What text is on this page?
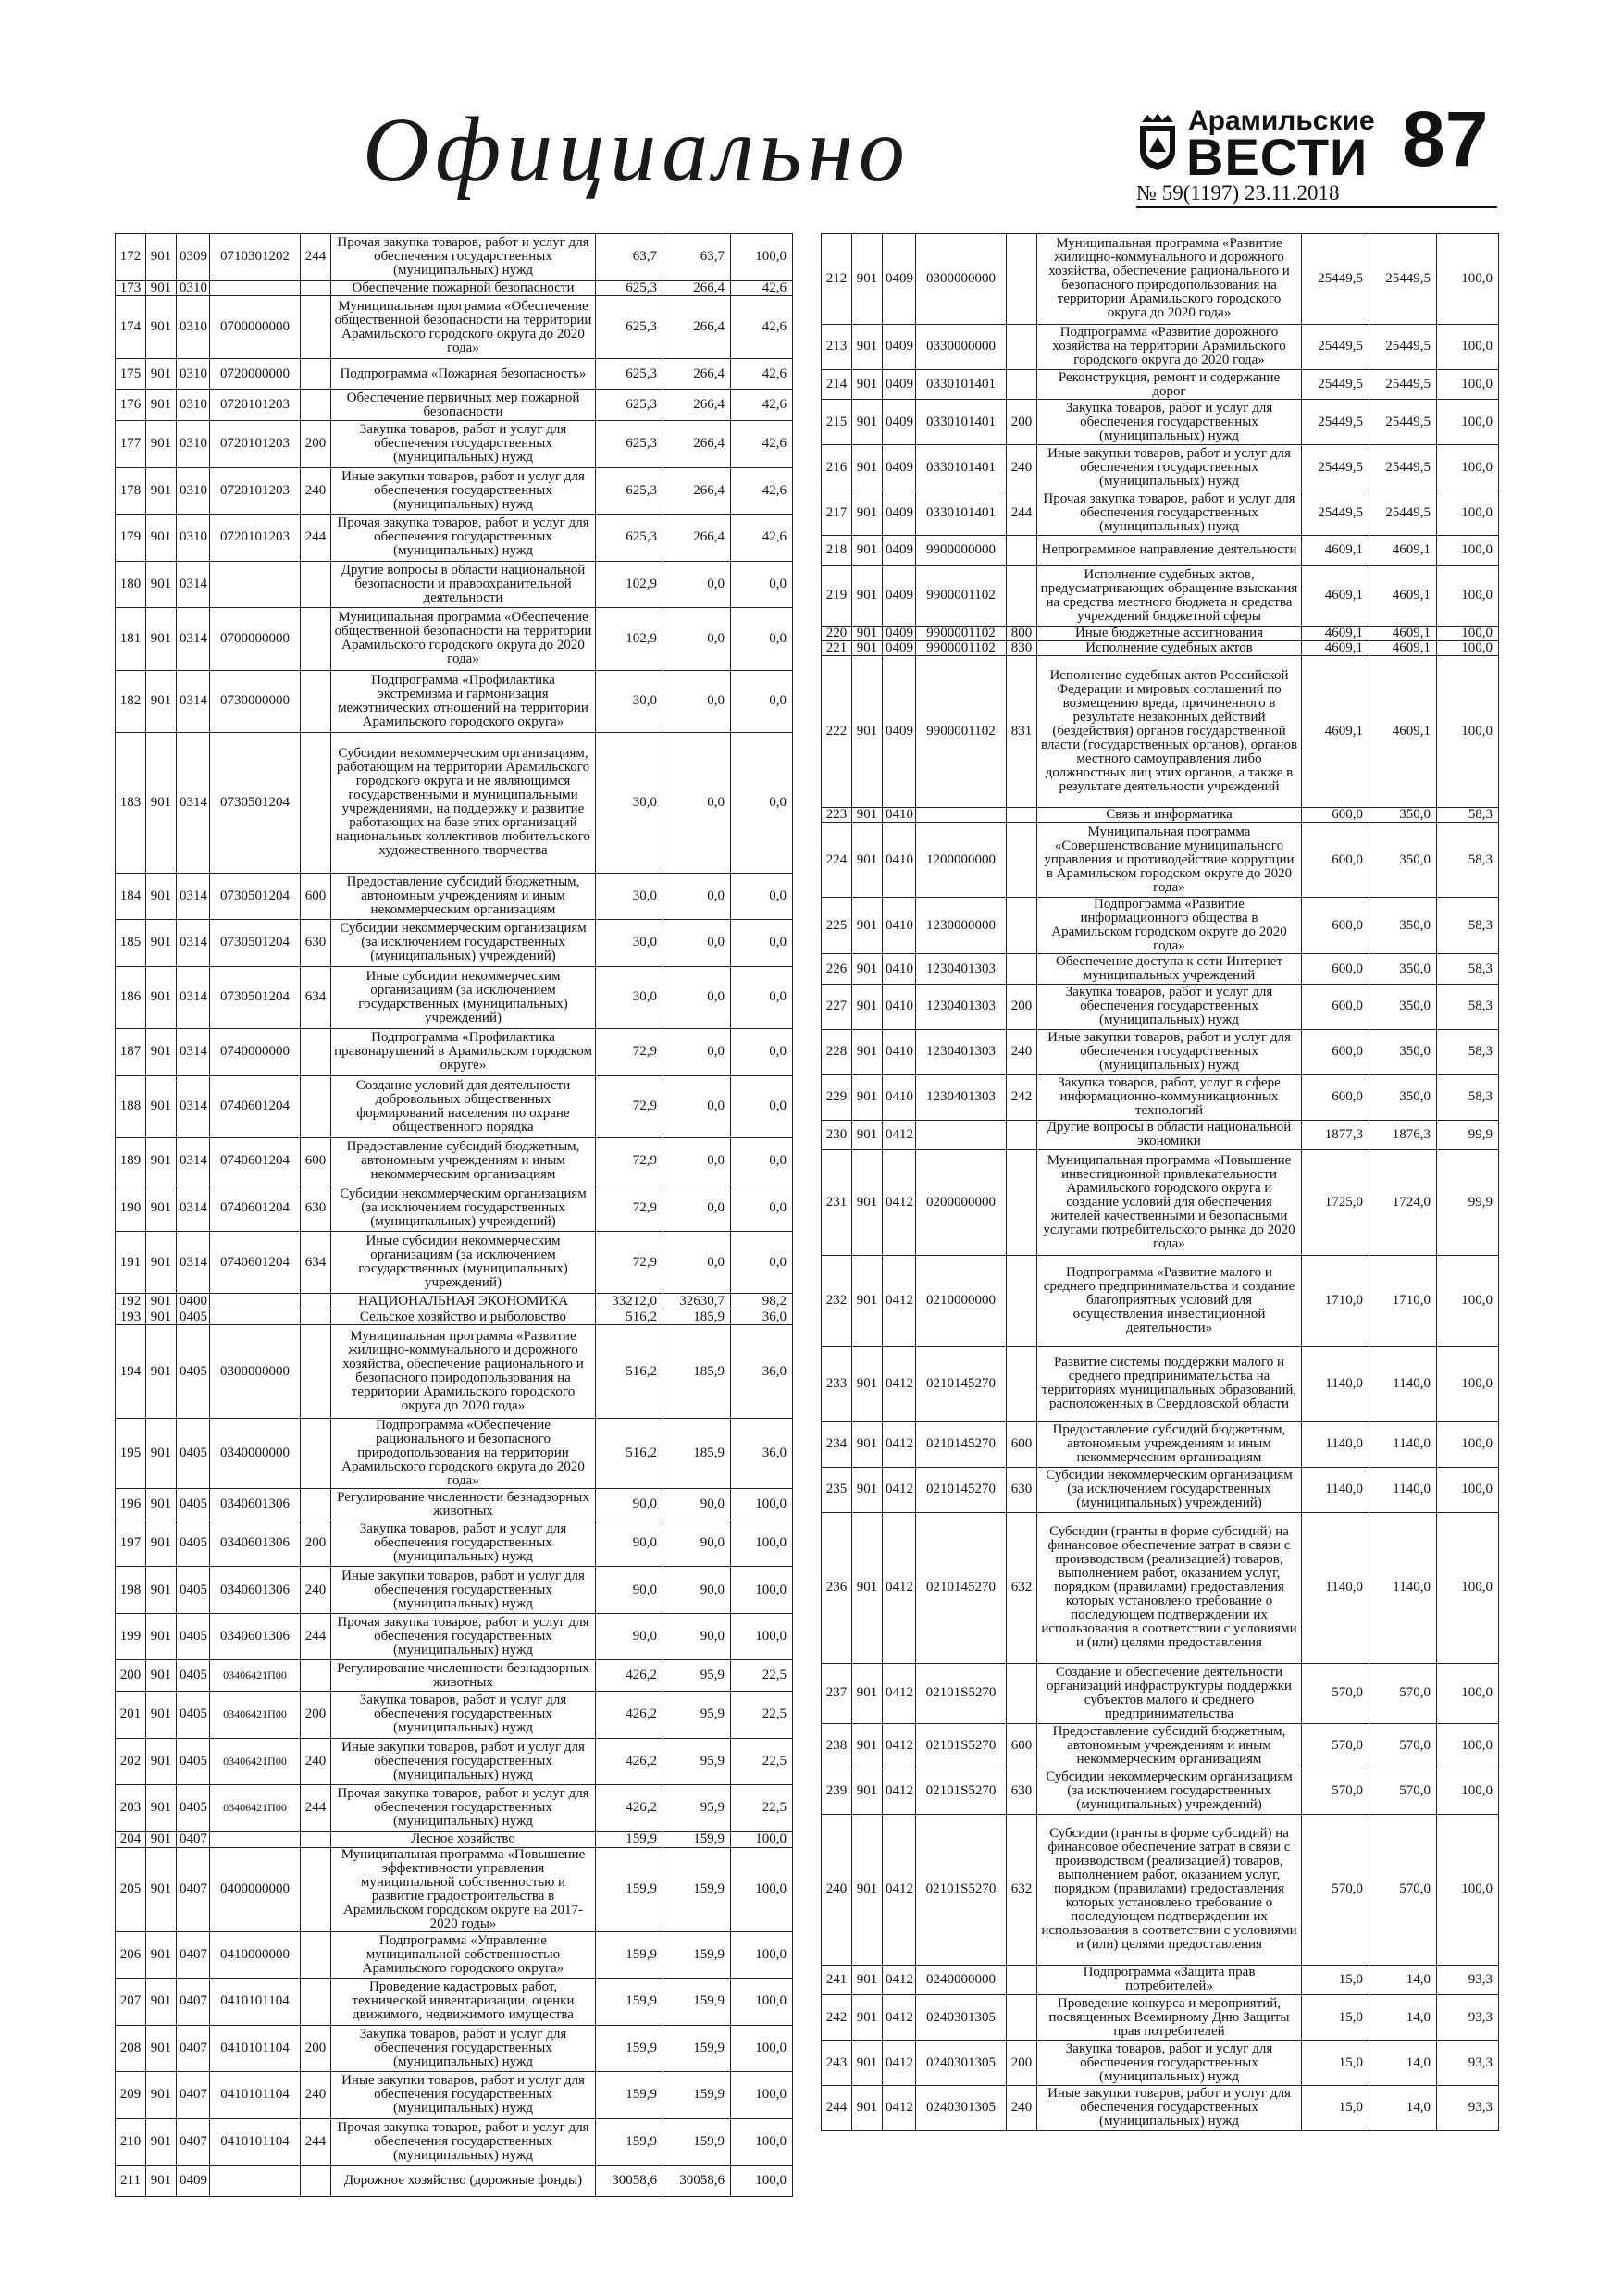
Официально	Арамильские
ВЕСТИ 87
№ 59(1197) 23.11.2018
172	901	0309	0710301202	244	Прочая закупка товаров, работ и услуг для обеспечения государственных (муниципальных) нужд	63,7	63,7	100,0
173	901	0310			Обеспечение пожарной безопасности	625,3	266,4	42,6
174	901	0310	0700000000		Муниципальная программа «Обеспечение общественной безопасности на территории Арамильского городского округа до 2020 года»	625,3	266,4	42,6
175	901	0310	0720000000		Подпрограмма «Пожарная безопасность»	625,3	266,4	42,6
176	901	0310	0720101203		Обеспечение первичных мер пожарной безопасности	625,3	266,4	42,6
177	901	0310	0720101203	200	Закупка товаров, работ и услуг для обеспечения государственных (муниципальных) нужд	625,3	266,4	42,6
178	901	0310	0720101203	240	Иные закупки товаров, работ и услуг для обеспечения государственных (муниципальных) нужд	625,3	266,4	42,6
179	901	0310	0720101203	244	Прочая закупка товаров, работ и услуг для обеспечения государственных (муниципальных) нужд	625,3	266,4	42,6
180	901	0314			Другие вопросы в области национальной безопасности и правоохранительной деятельности	102,9	0,0	0,0
181	901	0314	0700000000		Муниципальная программа «Обеспечение общественной безопасности на территории Арамильского городского округа до 2020 года»	102,9	0,0	0,0
182	901	0314	0730000000		Подпрограмма «Профилактика экстремизма и гармонизация межэтнических отношений на территории Арамильского городского округа»	30,0	0,0	0,0
183	901	0314	0730501204		Субсидии некоммерческим организациям, работающим на территории Арамильского городского округа и не являющимся государственными и муниципальными учреждениями, на поддержку и развитие работающих на базе этих организаций национальных коллективов любительского художественного творчества	30,0	0,0	0,0
184	901	0314	0730501204	600	Предоставление субсидий бюджетным, автономным учреждениям и иным некоммерческим организациям	30,0	0,0	0,0
185	901	0314	0730501204	630	Субсидии некоммерческим организациям (за исключением государственных (муниципальных) учреждений)	30,0	0,0	0,0
186	901	0314	0730501204	634	Иные субсидии некоммерческим организациям (за исключением государственных (муниципальных) учреждений)	30,0	0,0	0,0
187	901	0314	0740000000		Подпрограмма «Профилактика правонарушений в Арамильском городском округе»	72,9	0,0	0,0
188	901	0314	0740601204		Создание условий для деятельности добровольных общественных формирований населения по охране общественного порядка	72,9	0,0	0,0
189	901	0314	0740601204	600	Предоставление субсидий бюджетным, автономным учреждениям и иным некоммерческим организациям	72,9	0,0	0,0
190	901	0314	0740601204	630	Субсидии некоммерческим организациям (за исключением государственных (муниципальных) учреждений)	72,9	0,0	0,0
191	901	0314	0740601204	634	Иные субсидии некоммерческим организациям (за исключением государственных (муниципальных) учреждений)	72,9	0,0	0,0
192	901	0400			НАЦИОНАЛЬНАЯ ЭКОНОМИКА	33212,0	32630,7	98,2
193	901	0405			Сельское хозяйство и рыболовство	516,2	185,9	36,0
194	901	0405	0300000000		Муниципальная программа «Развитие жилищно-коммунального и дорожного хозяйства, обеспечение рационального и безопасного природопользования на территории Арамильского городского округа до 2020 года»	516,2	185,9	36,0
195	901	0405	0340000000		Подпрограмма «Обеспечение рационального и безопасного природопользования на территории Арамильского городского округа до 2020 года»	516,2	185,9	36,0
196	901	0405	0340601306		Регулирование численности безнадзорных животных	90,0	90,0	100,0
197	901	0405	0340601306	200	Закупка товаров, работ и услуг для обеспечения государственных (муниципальных) нужд	90,0	90,0	100,0
198	901	0405	0340601306	240	Иные закупки товаров, работ и услуг для обеспечения государственных (муниципальных) нужд	90,0	90,0	100,0
199	901	0405	0340601306	244	Прочая закупка товаров, работ и услуг для обеспечения государственных (муниципальных) нужд	90,0	90,0	100,0
200	901	0405	03406421П00		Регулирование численности безнадзорных животных	426,2	95,9	22,5
201	901	0405	03406421П00	200	Закупка товаров, работ и услуг для обеспечения государственных (муниципальных) нужд	426,2	95,9	22,5
202	901	0405	03406421П00	240	Иные закупки товаров, работ и услуг для обеспечения государственных (муниципальных) нужд	426,2	95,9	22,5
203	901	0405	03406421П00	244	Прочая закупка товаров, работ и услуг для обеспечения государственных (муниципальных) нужд	426,2	95,9	22,5
204	901	0407			Лесное хозяйство	159,9	159,9	100,0
205	901	0407	0400000000		Муниципальная программа «Повышение эффективности управления муниципальной собственностью и развитие градостроительства в Арамильском городском округе на 2017-2020 годы»	159,9	159,9	100,0
206	901	0407	0410000000		Подпрограмма «Управление муниципальной собственностью Арамильского городского округа»	159,9	159,9	100,0
207	901	0407	0410101104		Проведение кадастровых работ, технической инвентаризации, оценки движимого, недвижимого имущества	159,9	159,9	100,0
208	901	0407	0410101104	200	Закупка товаров, работ и услуг для обеспечения государственных (муниципальных) нужд	159,9	159,9	100,0
209	901	0407	0410101104	240	Иные закупки товаров, работ и услуг для обеспечения государственных (муниципальных) нужд	159,9	159,9	100,0
210	901	0407	0410101104	244	Прочая закупка товаров, работ и услуг для обеспечения государственных (муниципальных) нужд	159,9	159,9	100,0
211	901	0409			Дорожное хозяйство (дорожные фонды)	30058,6	30058,6	100,0
212	901	0409	0300000000		Муниципальная программа «Развитие жилищно-коммунального и дорожного хозяйства, обеспечение рационального и безопасного природопользования на территории Арамильского городского округа до 2020 года»	25449,5	25449,5	100,0
213	901	0409	0330000000		Подпрограмма «Развитие дорожного хозяйства на территории Арамильского городского округа до 2020 года»	25449,5	25449,5	100,0
214	901	0409	0330101401		Реконструкция, ремонт и содержание дорог	25449,5	25449,5	100,0
215	901	0409	0330101401	200	Закупка товаров, работ и услуг для обеспечения государственных (муниципальных) нужд	25449,5	25449,5	100,0
216	901	0409	0330101401	240	Иные закупки товаров, работ и услуг для обеспечения государственных (муниципальных) нужд	25449,5	25449,5	100,0
217	901	0409	0330101401	244	Прочая закупка товаров, работ и услуг для обеспечения государственных (муниципальных) нужд	25449,5	25449,5	100,0
218	901	0409	9900000000		Непрограммное направление деятельности	4609,1	4609,1	100,0
219	901	0409	9900001102		Исполнение судебных актов, предусматривающих обращение взыскания на средства местного бюджета и средства учреждений бюджетной сферы	4609,1	4609,1	100,0
220	901	0409	9900001102	800	Иные бюджетные ассигнования	4609,1	4609,1	100,0
221	901	0409	9900001102	830	Исполнение судебных актов	4609,1	4609,1	100,0
222	901	0409	9900001102	831	Исполнение судебных актов Российской Федерации и мировых соглашений по возмещению вреда, причиненного в результате незаконных действий (бездействия) органов государственной власти (государственных органов), органов местного самоуправления либо должностных лиц этих органов, а также в результате деятельности учреждений	4609,1	4609,1	100,0
223	901	0410			Связь и информатика	600,0	350,0	58,3
224	901	0410	1200000000		Муниципальная программа «Совершенствование муниципального управления и противодействие коррупции в Арамильском городском округе до 2020 года»	600,0	350,0	58,3
225	901	0410	1230000000		Подпрограмма «Развитие информационного общества в Арамильском городском округе до 2020 года»	600,0	350,0	58,3
226	901	0410	1230401303		Обеспечение доступа к сети Интернет муниципальных учреждений	600,0	350,0	58,3
227	901	0410	1230401303	200	Закупка товаров, работ и услуг для обеспечения государственных (муниципальных) нужд	600,0	350,0	58,3
228	901	0410	1230401303	240	Иные закупки товаров, работ и услуг для обеспечения государственных (муниципальных) нужд	600,0	350,0	58,3
229	901	0410	1230401303	242	Закупка товаров, работ, услуг в сфере информационно-коммуникационных технологий	600,0	350,0	58,3
230	901	0412			Другие вопросы в области национальной экономики	1877,3	1876,3	99,9
231	901	0412	0200000000		Муниципальная программа «Повышение инвестиционной привлекательности Арамильского городского округа и создание условий для обеспечения жителей качественными и безопасными услугами потребительского рынка до 2020 года»	1725,0	1724,0	99,9
232	901	0412	0210000000		Подпрограмма «Развитие малого и среднего предпринимательства и создание благоприятных условий для осуществления инвестиционной деятельности»	1710,0	1710,0	100,0
233	901	0412	0210145270		Развитие системы поддержки малого и среднего предпринимательства на территориях муниципальных образований, расположенных в Свердловской области	1140,0	1140,0	100,0
234	901	0412	0210145270	600	Предоставление субсидий бюджетным, автономным учреждениям и иным некоммерческим организациям	1140,0	1140,0	100,0
235	901	0412	0210145270	630	Субсидии некоммерческим организациям (за исключением государственных (муниципальных) учреждений)	1140,0	1140,0	100,0
236	901	0412	0210145270	632	Субсидии (гранты в форме субсидий) на финансовое обеспечение затрат в связи с производством (реализацией) товаров, выполнением работ, оказанием услуг, порядком (правилами) предоставления которых установлено требование о последующем подтверждении их использования в соответствии с условиями и (или) целями предоставления	1140,0	1140,0	100,0
237	901	0412	02101S5270		Создание и обеспечение деятельности организаций инфраструктуры поддержки субъектов малого и среднего предпринимательства	570,0	570,0	100,0
238	901	0412	02101S5270	600	Предоставление субсидий бюджетным, автономным учреждениям и иным некоммерческим организациям	570,0	570,0	100,0
239	901	0412	02101S5270	630	Субсидии некоммерческим организациям (за исключением государственных (муниципальных) учреждений)	570,0	570,0	100,0
240	901	0412	02101S5270	632	Субсидии (гранты в форме субсидий) на финансовое обеспечение затрат в связи с производством (реализацией) товаров, выполнением работ, оказанием услуг, порядком (правилами) предоставления которых установлено требование о последующем подтверждении их использования в соответствии с условиями и (или) целями предоставления	570,0	570,0	100,0
241	901	0412	0240000000		Подпрограмма «Защита прав потребителей»	15,0	14,0	93,3
242	901	0412	0240301305		Проведение конкурса и мероприятий, посвященных Всемирному Дню Защиты прав потребителей	15,0	14,0	93,3
243	901	0412	0240301305	200	Закупка товаров, работ и услуг для обеспечения государственных (муниципальных) нужд	15,0	14,0	93,3
244	901	0412	0240301305	240	Иные закупки товаров, работ и услуг для обеспечения государственных (муниципальных) нужд	15,0	14,0	93,3
